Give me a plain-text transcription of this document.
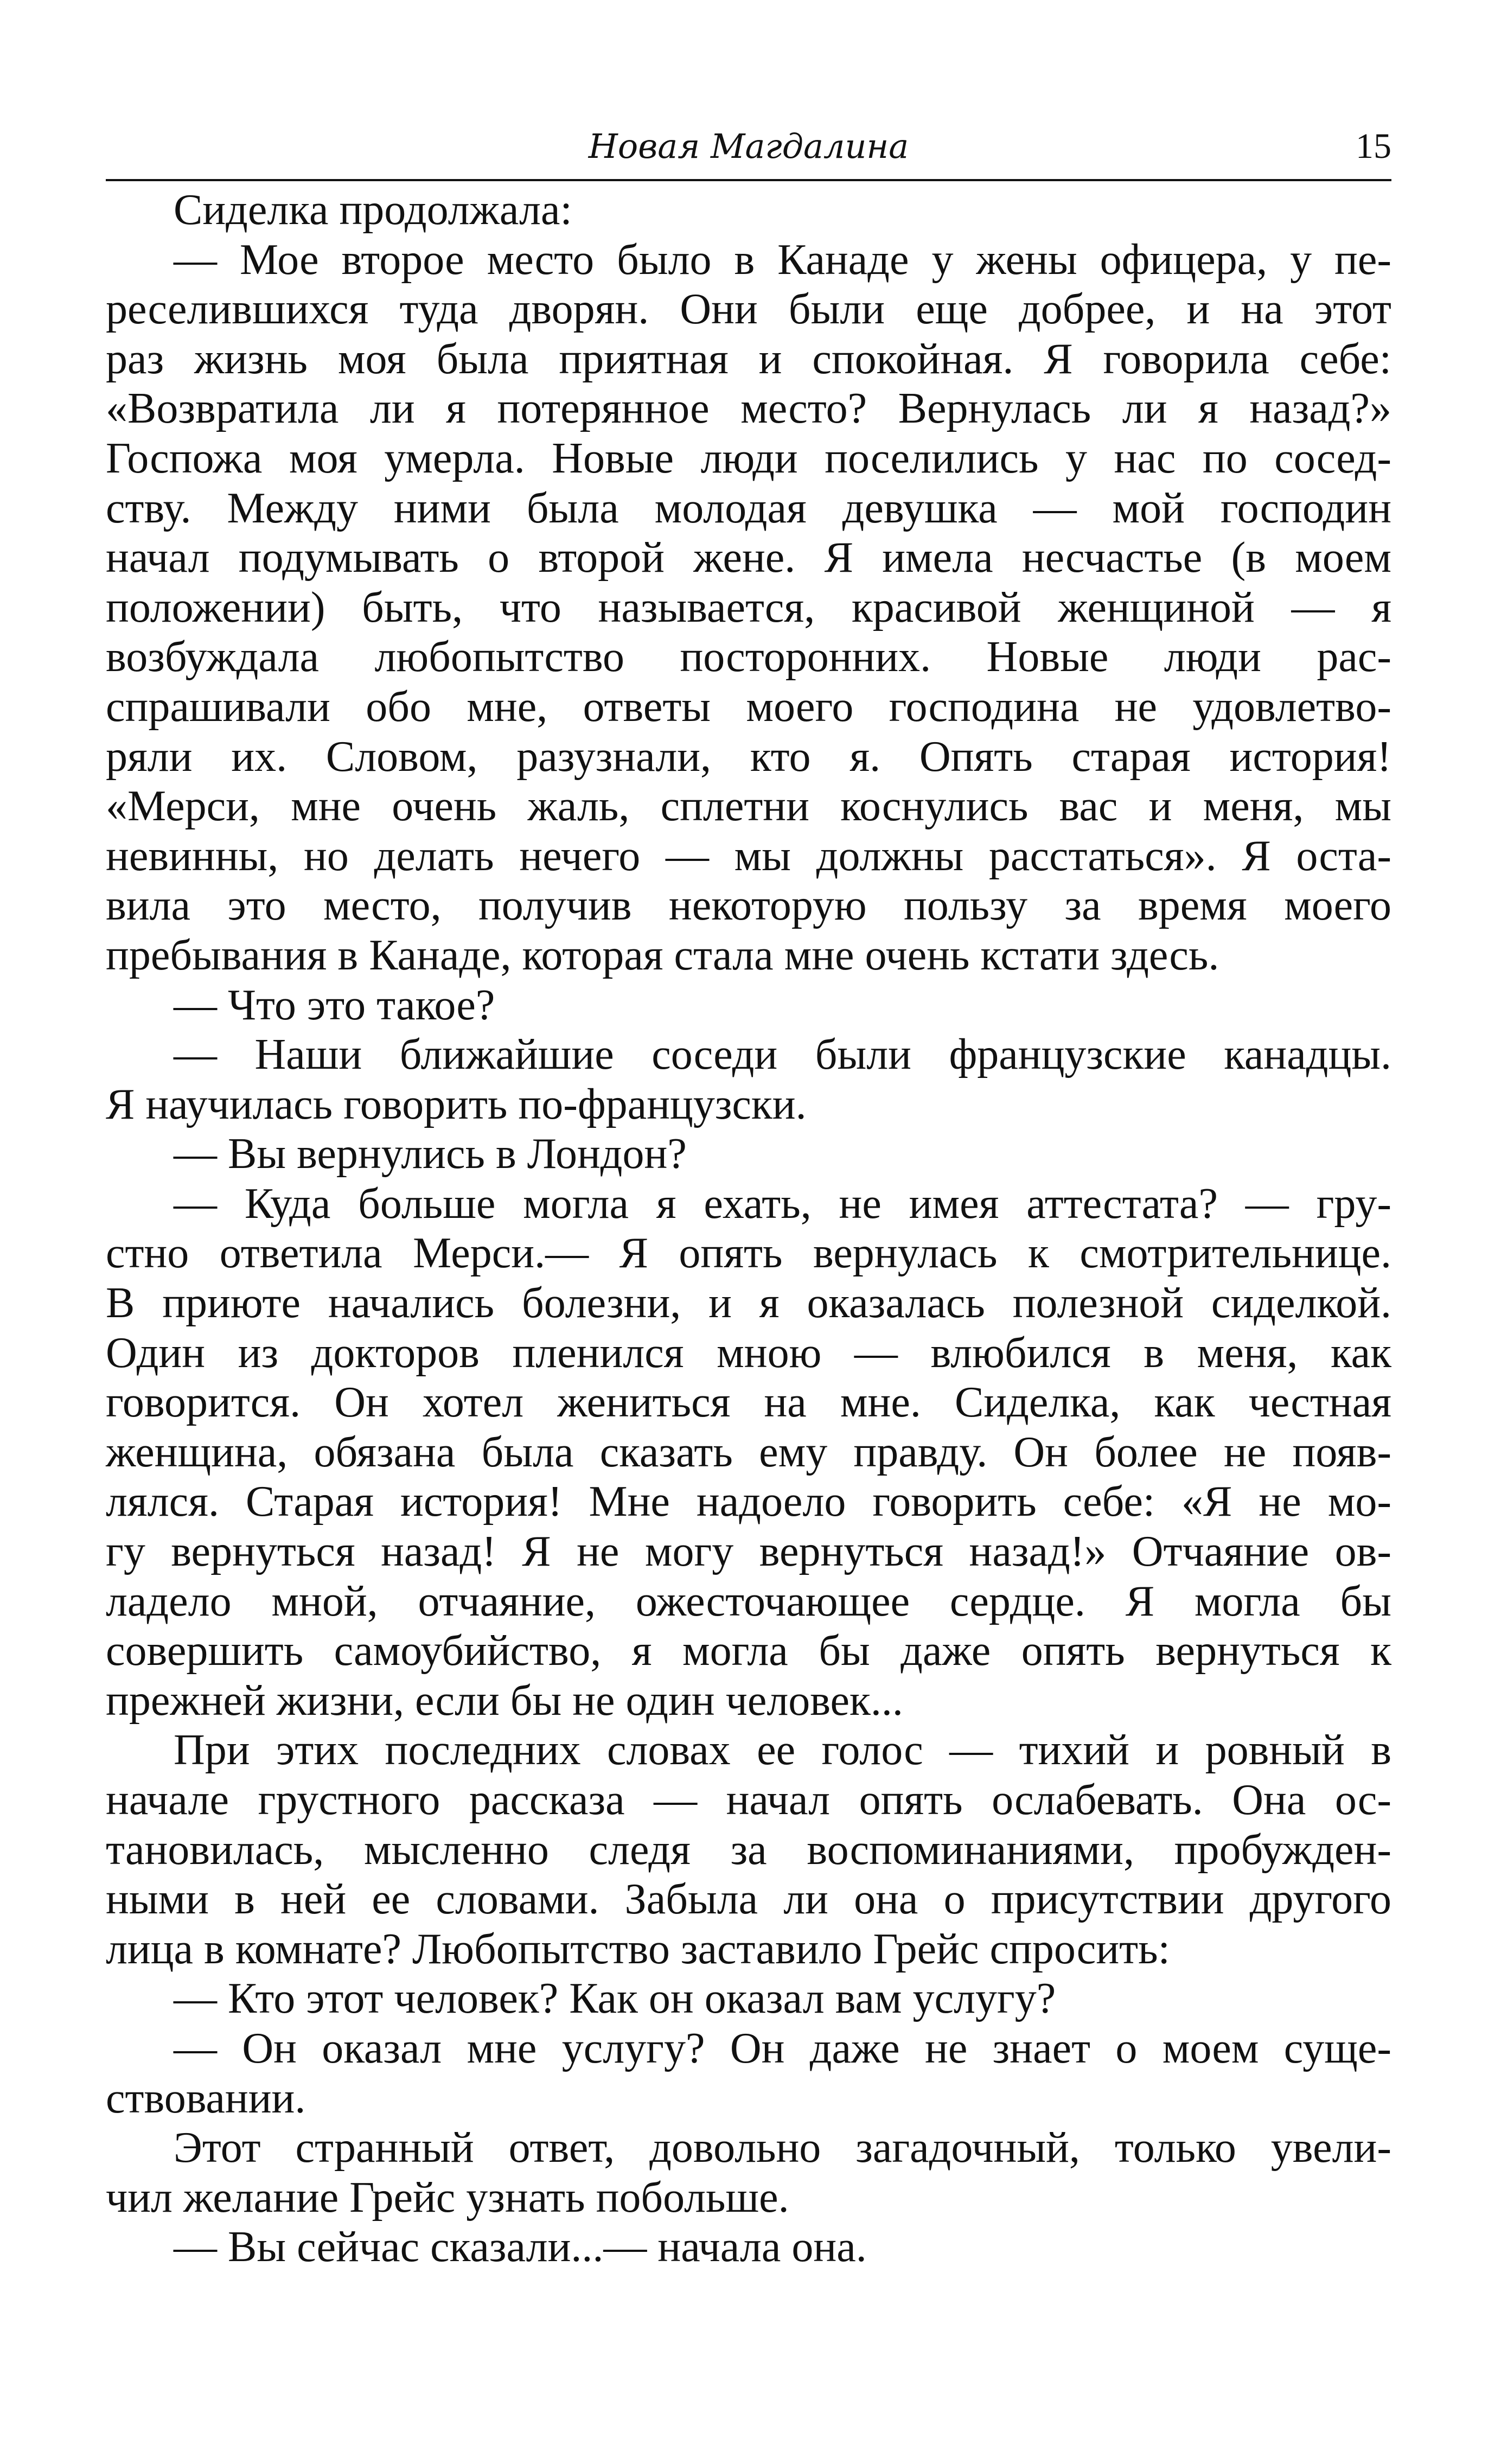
Новая Магдалина	15
Сиделка продолжала:
— Мое второе место было в Канаде у жены офицера, у пе-
реселившихся туда дворян. Они были еще добрее, и на этот
раз жизнь моя была приятная и спокойная. Я говорила себе:
«Возвратила ли я потерянное место? Вернулась ли я назад?»
Госпожа моя умерла. Новые люди поселились у нас по сосед-
ству. Между ними была молодая девушка — мой господин
начал подумывать о второй жене. Я имела несчастье (в моем
положении) быть, что называется, красивой женщиной — я
возбуждала любопытство посторонних. Новые люди рас-
спрашивали обо мне, ответы моего господина не удовлетво-
ряли их. Словом, разузнали, кто я. Опять старая история!
«Мерси, мне очень жаль, сплетни коснулись вас и меня, мы
невинны, но делать нечего — мы должны расстаться». Я оста-
вила это место, получив некоторую пользу за время моего
пребывания в Канаде, которая стала мне очень кстати здесь.
— Что это такое?
— Наши ближайшие соседи были французские канадцы.
Я научилась говорить по-французски.
— Вы вернулись в Лондон?
— Куда больше могла я ехать, не имея аттестата? — гру-
стно ответила Мерси.— Я опять вернулась к смотрительнице.
В приюте начались болезни, и я оказалась полезной сиделкой.
Один из докторов пленился мною — влюбился в меня, как
говорится. Он хотел жениться на мне. Сиделка, как честная
женщина, обязана была сказать ему правду. Он более не появ-
лялся. Старая история! Мне надоело говорить себе: «Я не мо-
гу вернуться назад! Я не могу вернуться назад!» Отчаяние ов-
ладело мной, отчаяние, ожесточающее сердце. Я могла бы
совершить самоубийство, я могла бы даже опять вернуться к
прежней жизни, если бы не один человек...
При этих последних словах ее голос — тихий и ровный в
начале грустного рассказа — начал опять ослабевать. Она ос-
тановилась, мысленно следя за воспоминаниями, пробужден-
ными в ней ее словами. Забыла ли она о присутствии другого
лица в комнате? Любопытство заставило Грейс спросить:
— Кто этот человек? Как он оказал вам услугу?
— Он оказал мне услугу? Он даже не знает о моем суще-
ствовании.
Этот странный ответ, довольно загадочный, только увели-
чил желание Грейс узнать побольше.
— Вы сейчас сказали...— начала она.
